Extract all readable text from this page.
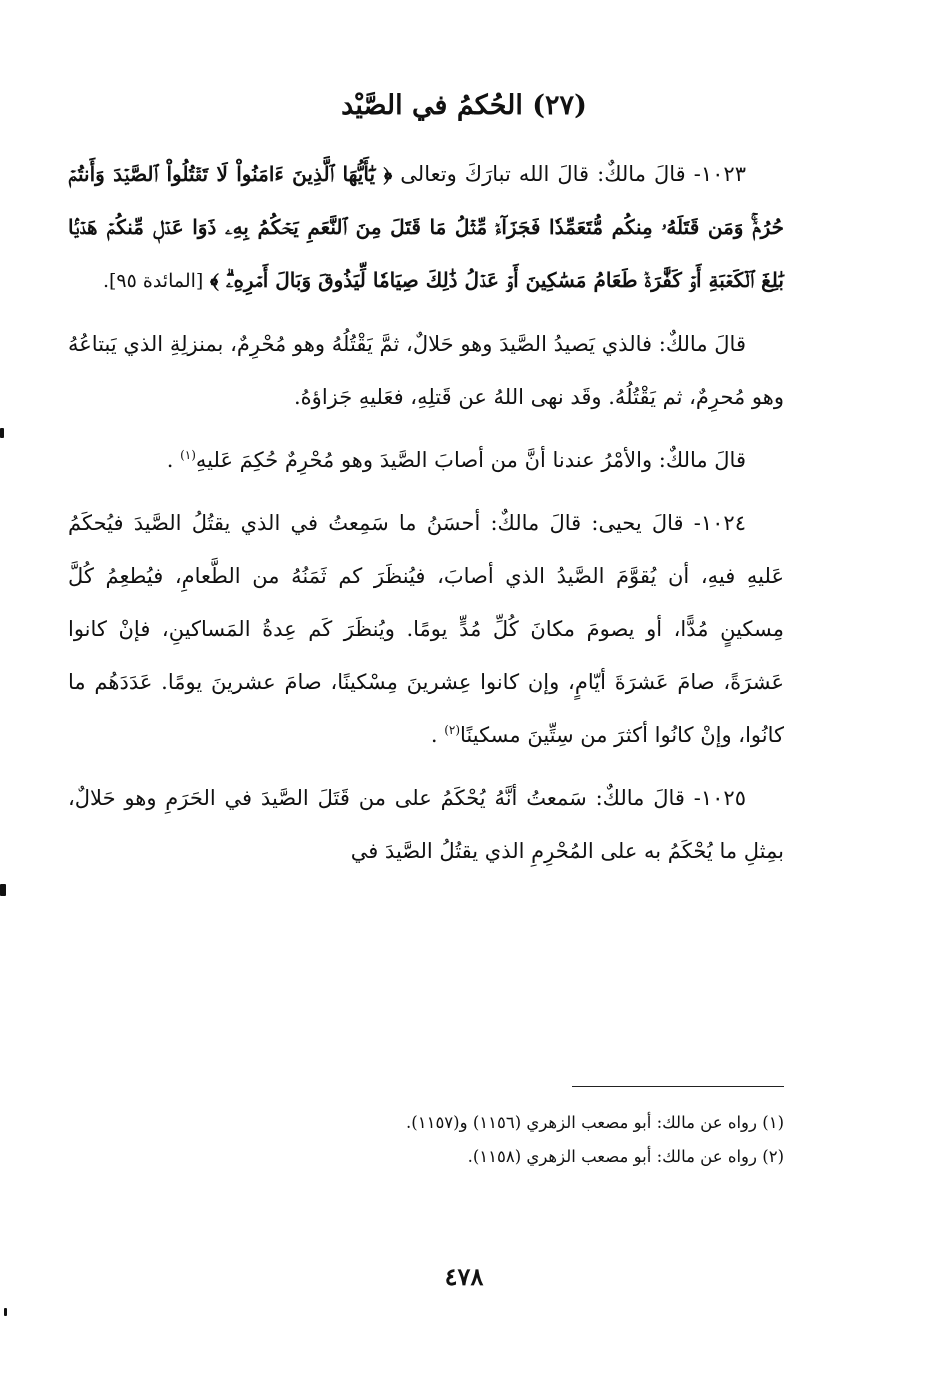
(٢٧) الحُكمُ في الصَّيْد

١٠٢٣- قالَ مالكٌ: قالَ الله تبارَكَ وتعالى ﴿ يَٰٓأَيُّهَا ٱلَّذِينَ ءَامَنُواْ لَا تَقۡتُلُواْ ٱلصَّيۡدَ وَأَنتُمۡ حُرُمٞۚ وَمَن قَتَلَهُۥ مِنكُم مُّتَعَمِّدٗا فَجَزَآءٞ مِّثۡلُ مَا قَتَلَ مِنَ ٱلنَّعَمِ يَحۡكُمُ بِهِۦ ذَوَا عَدۡلٖ مِّنكُمۡ هَدۡيَۢا بَٰلِغَ ٱلۡكَعۡبَةِ أَوۡ كَفَّٰرَةٞ طَعَامُ مَسَٰكِينَ أَوۡ عَدۡلُ ذَٰلِكَ صِيَامٗا لِّيَذُوقَ وَبَالَ أَمۡرِهِۦۗ ﴾ [المائدة ٩٥].

قالَ مالكٌ: فالذي يَصيدُ الصَّيدَ وهو حَلالٌ، ثمَّ يَقْتُلُهُ وهو مُحْرِمٌ، بمنزلِةِ الذي يَبتاعُهُ وهو مُحرِمٌ، ثم يَقْتُلُهُ. وقَد نهى اللهُ عن قَتلِهِ، فعَليهِ جَزاؤهُ.

قالَ مالكٌ: والأمْرُ عندنا أنَّ من أصابَ الصَّيدَ وهو مُحْرِمٌ حُكِمَ عَليهِ$^{(١)}$ .

١٠٢٤- قالَ يحيى: قالَ مالكٌ: أحسَنُ ما سَمِعتُ في الذي يقتُلُ الصَّيدَ فيُحكَمُ عَليهِ فيهِ، أن يُقوَّمَ الصَّيدُ الذي أصابَ، فيُنظَرَ كم ثَمَنُهُ من الطَّعامِ، فيُطعِمُ كُلَّ مِسكينٍ مُدًّا، أو يصومَ مكانَ كُلِّ مُدٍّ يومًا. ويُنظَرَ كَم عِدةُ المَساكينِ، فإنْ كانوا عَشرَةً، صامَ عَشرَةَ أيّامٍ، وإن كانوا عِشرينَ مِسْكينًا، صامَ عشرينَ يومًا. عَدَدَهُم ما كانُوا، وإنْ كانُوا أكثرَ من سِتِّينَ مسكينًا$^{(٢)}$ .

١٠٢٥- قالَ مالكٌ: سَمعتُ أنَّهُ يُحْكَمُ على من قَتَلَ الصَّيدَ في الحَرَمِ وهو حَلالٌ، بمِثلِ ما يُحْكَمُ به على المُحْرِمِ الذي يقتُلُ الصَّيدَ في

(١) رواه عن مالك: أبو مصعب الزهري (١١٥٦) و(١١٥٧).

(٢) رواه عن مالك: أبو مصعب الزهري (١١٥٨).

٤٧٨
